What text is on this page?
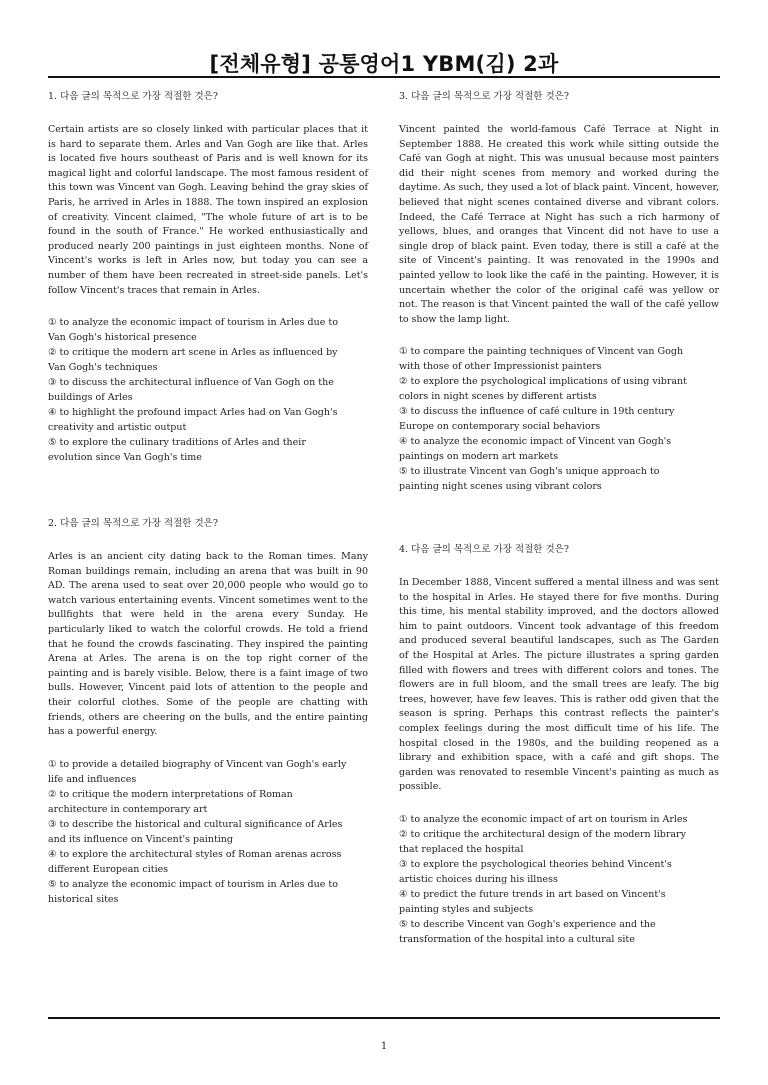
[전체유형] 공통영어1 YBM(김) 2과
1. 다음 글의 목적으로 가장 적절한 것은?

Certain artists are so closely linked with particular places that it is hard to separate them. Arles and Van Gogh are like that. Arles is located five hours southeast of Paris and is well known for its magical light and colorful landscape. The most famous resident of this town was Vincent van Gogh. Leaving behind the gray skies of Paris, he arrived in Arles in 1888. The town inspired an explosion of creativity. Vincent claimed, "The whole future of art is to be found in the south of France." He worked enthusiastically and produced nearly 200 paintings in just eighteen months. None of Vincent's works is left in Arles now, but today you can see a number of them have been recreated in street-side panels. Let's follow Vincent's traces that remain in Arles.

① to analyze the economic impact of tourism in Arles due to Van Gogh's historical presence
② to critique the modern art scene in Arles as influenced by Van Gogh's techniques
③ to discuss the architectural influence of Van Gogh on the buildings of Arles
④ to highlight the profound impact Arles had on Van Gogh's creativity and artistic output
⑤ to explore the culinary traditions of Arles and their evolution since Van Gogh's time
2. 다음 글의 목적으로 가장 적절한 것은?

Arles is an ancient city dating back to the Roman times. Many Roman buildings remain, including an arena that was built in 90 AD. The arena used to seat over 20,000 people who would go to watch various entertaining events. Vincent sometimes went to the bullfights that were held in the arena every Sunday. He particularly liked to watch the colorful crowds. He told a friend that he found the crowds fascinating. They inspired the painting Arena at Arles. The arena is on the top right corner of the painting and is barely visible. Below, there is a faint image of two bulls. However, Vincent paid lots of attention to the people and their colorful clothes. Some of the people are chatting with friends, others are cheering on the bulls, and the entire painting has a powerful energy.

① to provide a detailed biography of Vincent van Gogh's early life and influences
② to critique the modern interpretations of Roman architecture in contemporary art
③ to describe the historical and cultural significance of Arles and its influence on Vincent's painting
④ to explore the architectural styles of Roman arenas across different European cities
⑤ to analyze the economic impact of tourism in Arles due to historical sites
3. 다음 글의 목적으로 가장 적절한 것은?

Vincent painted the world-famous Café Terrace at Night in September 1888. He created this work while sitting outside the Café van Gogh at night. This was unusual because most painters did their night scenes from memory and worked during the daytime. As such, they used a lot of black paint. Vincent, however, believed that night scenes contained diverse and vibrant colors. Indeed, the Café Terrace at Night has such a rich harmony of yellows, blues, and oranges that Vincent did not have to use a single drop of black paint. Even today, there is still a café at the site of Vincent's painting. It was renovated in the 1990s and painted yellow to look like the café in the painting. However, it is uncertain whether the color of the original café was yellow or not. The reason is that Vincent painted the wall of the café yellow to show the lamp light.

① to compare the painting techniques of Vincent van Gogh with those of other Impressionist painters
② to explore the psychological implications of using vibrant colors in night scenes by different artists
③ to discuss the influence of café culture in 19th century Europe on contemporary social behaviors
④ to analyze the economic impact of Vincent van Gogh's paintings on modern art markets
⑤ to illustrate Vincent van Gogh's unique approach to painting night scenes using vibrant colors
4. 다음 글의 목적으로 가장 적절한 것은?

In December 1888, Vincent suffered a mental illness and was sent to the hospital in Arles. He stayed there for five months. During this time, his mental stability improved, and the doctors allowed him to paint outdoors. Vincent took advantage of this freedom and produced several beautiful landscapes, such as The Garden of the Hospital at Arles. The picture illustrates a spring garden filled with flowers and trees with different colors and tones. The flowers are in full bloom, and the small trees are leafy. The big trees, however, have few leaves. This is rather odd given that the season is spring. Perhaps this contrast reflects the painter's complex feelings during the most difficult time of his life. The hospital closed in the 1980s, and the building reopened as a library and exhibition space, with a café and gift shops. The garden was renovated to resemble Vincent's painting as much as possible.

① to analyze the economic impact of art on tourism in Arles
② to critique the architectural design of the modern library that replaced the hospital
③ to explore the psychological theories behind Vincent's artistic choices during his illness
④ to predict the future trends in art based on Vincent's painting styles and subjects
⑤ to describe Vincent van Gogh's experience and the transformation of the hospital into a cultural site
1
